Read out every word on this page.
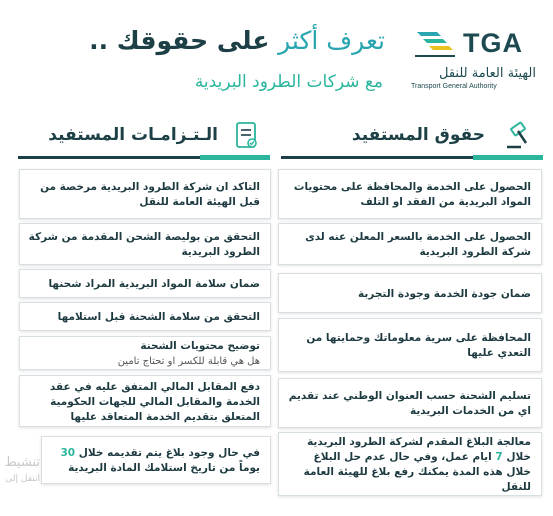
TGA
الهيئة العامة للنقل
Transport General Authority
تعرف أكثر على حقوقك ..
مع شركات الطرود البريدية
حقوق المستفيد
الـتـزامـات المستفيد
الحصول على الخدمة والمحافظة على محتويات المواد البريدية من الفقد او التلف
الحصول على الخدمة بالسعر المعلن عنه لدى شركة الطرود البريدية
ضمان جودة الخدمة وجودة التجربة
المحافظة على سرية معلوماتك وحمايتها من التعدي عليها
تسليم الشحنة حسب العنوان الوطني عند تقديم اي من الخدمات البريدية
معالجة البلاغ المقدم لشركة الطرود البريدية خلال 7 ايام عمل، وفي حال عدم حل البلاغ خلال هذه المدة يمكنك رفع بلاغ للهيئة العامة للنقل
التاكد ان شركة الطرود البريدية مرخصة من قبل الهيئة العامة للنقل
التحقق من بوليصة الشحن المقدمة من شركة الطرود البريدية
ضمان سلامة المواد البريدية المراد شحنها
التحقق من سلامة الشحنة قبل استلامها
توضيح محتويات الشحنة
هل هي قابلة للكسر او تحتاج تامين
دفع المقابل المالي المتفق عليه في عقد الخدمة والمقابل المالي للجهات الحكومية المتعلق بتقديم الخدمة المتعاقد عليها
في حال وجود بلاغ يتم تقديمه خلال 30 يوماً من تاريخ استلامك المادة البريدية
تنشيط
انتقل إلى
